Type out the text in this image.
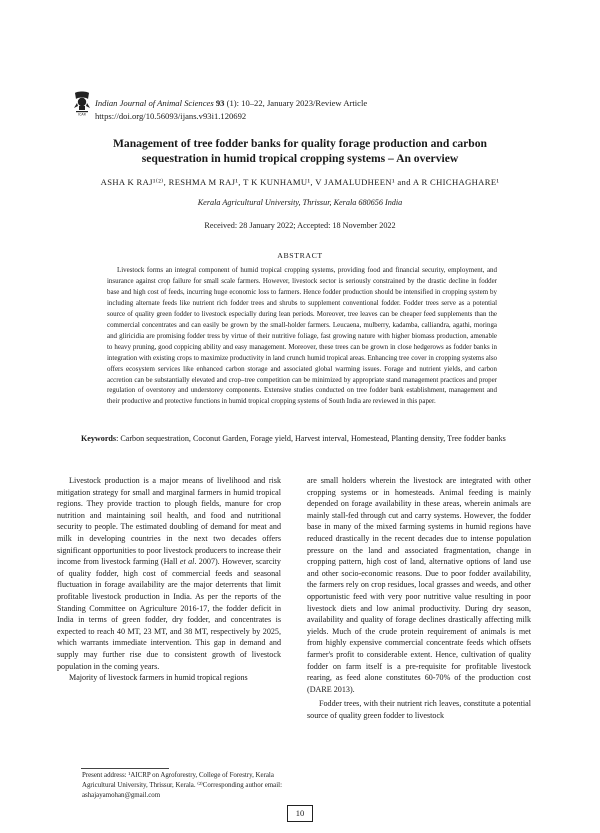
ICAR
Indian Journal of Animal Sciences 93 (1): 10–22, January 2023/Review Article
https://doi.org/10.56093/ijans.v93i1.120692
Management of tree fodder banks for quality forage production and carbon
sequestration in humid tropical cropping systems – An overview
ASHA K RAJ¹⁽²⁾, RESHMA M RAJ¹, T K KUNHAMU¹, V JAMALUDHEEN¹ and A R CHICHAGHARE¹
Kerala Agricultural University, Thrissur, Kerala 680656 India
Received: 28 January 2022; Accepted: 18 November 2022
ABSTRACT

Livestock forms an integral component of humid tropical cropping systems, providing food and financial security, employment, and insurance against crop failure for small scale farmers. However, livestock sector is seriously constrained by the drastic decline in fodder base and high cost of feeds, incurring huge economic loss to farmers. Hence fodder production should be intensified in cropping system by including alternate feeds like nutrient rich fodder trees and shrubs to supplement conventional fodder. Fodder trees serve as a potential source of quality green fodder to livestock especially during lean periods. Moreover, tree leaves can be cheaper feed supplements than the commercial concentrates and can easily be grown by the small-holder farmers. Leucaena, mulberry, kadamba, calliandra, agathi, moringa and gliricidia are promising fodder tress by virtue of their nutritive foliage, fast growing nature with higher biomass production, amenable to heavy pruning, good coppicing ability and easy management. Moreover, these trees can be grown in close hedgerows as fodder banks in integration with existing crops to maximize productivity in land crunch humid tropical areas. Enhancing tree cover in cropping systems also offers ecosystem services like enhanced carbon storage and associated global warming issues. Forage and nutrient yields, and carbon accretion can be substantially elevated and crop–tree competition can be minimized by appropriate stand management practices and proper regulation of overstorey and understorey components. Extensive studies conducted on tree fodder bank establishment, management and their productive and protective functions in humid tropical cropping systems of South India are reviewed in this paper.

Keywords: Carbon sequestration, Coconut Garden, Forage yield, Harvest interval, Homestead, Planting density, Tree fodder banks

Livestock production is a major means of livelihood and risk mitigation strategy for small and marginal farmers in humid tropical regions. They provide traction to plough fields, manure for crop nutrition and maintaining soil health, and food and nutritional security to people. The estimated doubling of demand for meat and milk in developing countries in the next two decades offers significant opportunities to poor livestock producers to increase their income from livestock farming (Hall et al. 2007). However, scarcity of quality fodder, high cost of commercial feeds and seasonal fluctuation in forage availability are the major deterrents that limit profitable livestock production in India. As per the reports of the Standing Committee on Agriculture 2016-17, the fodder deficit in India in terms of green fodder, dry fodder, and concentrates is expected to reach 40 MT, 23 MT, and 38 MT, respectively by 2025, which warrants immediate intervention. This gap in demand and supply may further rise due to consistent growth of livestock population in the coming years.

Majority of livestock farmers in humid tropical regions

are small holders wherein the livestock are integrated with other cropping systems or in homesteads. Animal feeding is mainly depended on forage availability in these areas, wherein animals are mainly stall-fed through cut and carry systems. However, the fodder base in many of the mixed farming systems in humid regions have reduced drastically in the recent decades due to intense population pressure on the land and associated fragmentation, change in cropping pattern, high cost of land, alternative options of land use and other socio-economic reasons. Due to poor fodder availability, the farmers rely on crop residues, local grasses and weeds, and other opportunistic feed with very poor nutritive value resulting in poor livestock diets and low animal productivity. During dry season, availability and quality of forage declines drastically affecting milk yields. Much of the crude protein requirement of animals is met from highly expensive commercial concentrate feeds which offsets farmer's profit to considerable extent. Hence, cultivation of quality fodder on farm itself is a pre-requisite for profitable livestock rearing, as feed alone constitutes 60-70% of the production cost (DARE 2013).

Fodder trees, with their nutrient rich leaves, constitute a potential source of quality green fodder to livestock

Present address: ¹AICRP on Agroforestry, College of Forestry, Kerala Agricultural University, Thrissur, Kerala. ⁽²⁾Corresponding author email: ashajayamohan@gmail.com
10
